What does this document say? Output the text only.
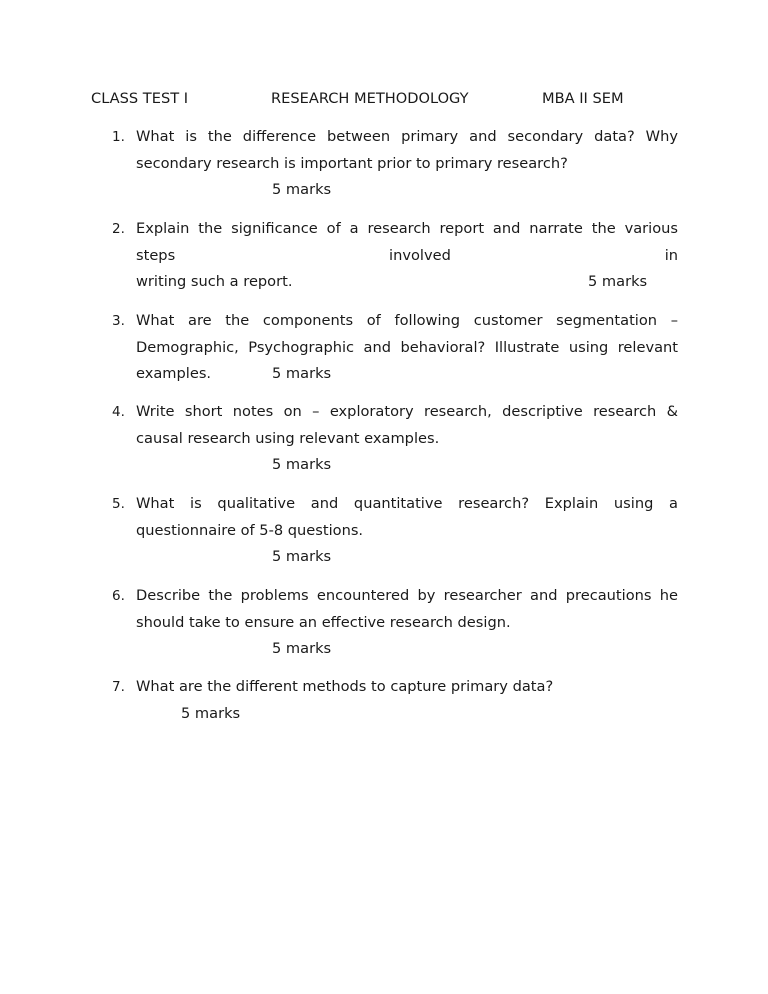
CLASS TEST I	RESEARCH METHODOLOGY	MBA II SEM
1. What is the difference between primary and secondary data? Why
secondary research is important prior to primary research?
5 marks
2. Explain the significance of a research report and narrate the various
steps involved in
writing such a report.	5 marks
3. What are the components of following customer segmentation –
Demographic, Psychographic and behavioral? Illustrate using relevant
examples.	5 marks
4. Write short notes on – exploratory research, descriptive research &
causal research using relevant examples.
5 marks
5. What is qualitative and quantitative research? Explain using a
questionnaire of 5-8 questions.
5 marks
6. Describe the problems encountered by researcher and precautions he
should take to ensure an effective research design.
5 marks
7. What are the different methods to capture primary data?
5 marks
